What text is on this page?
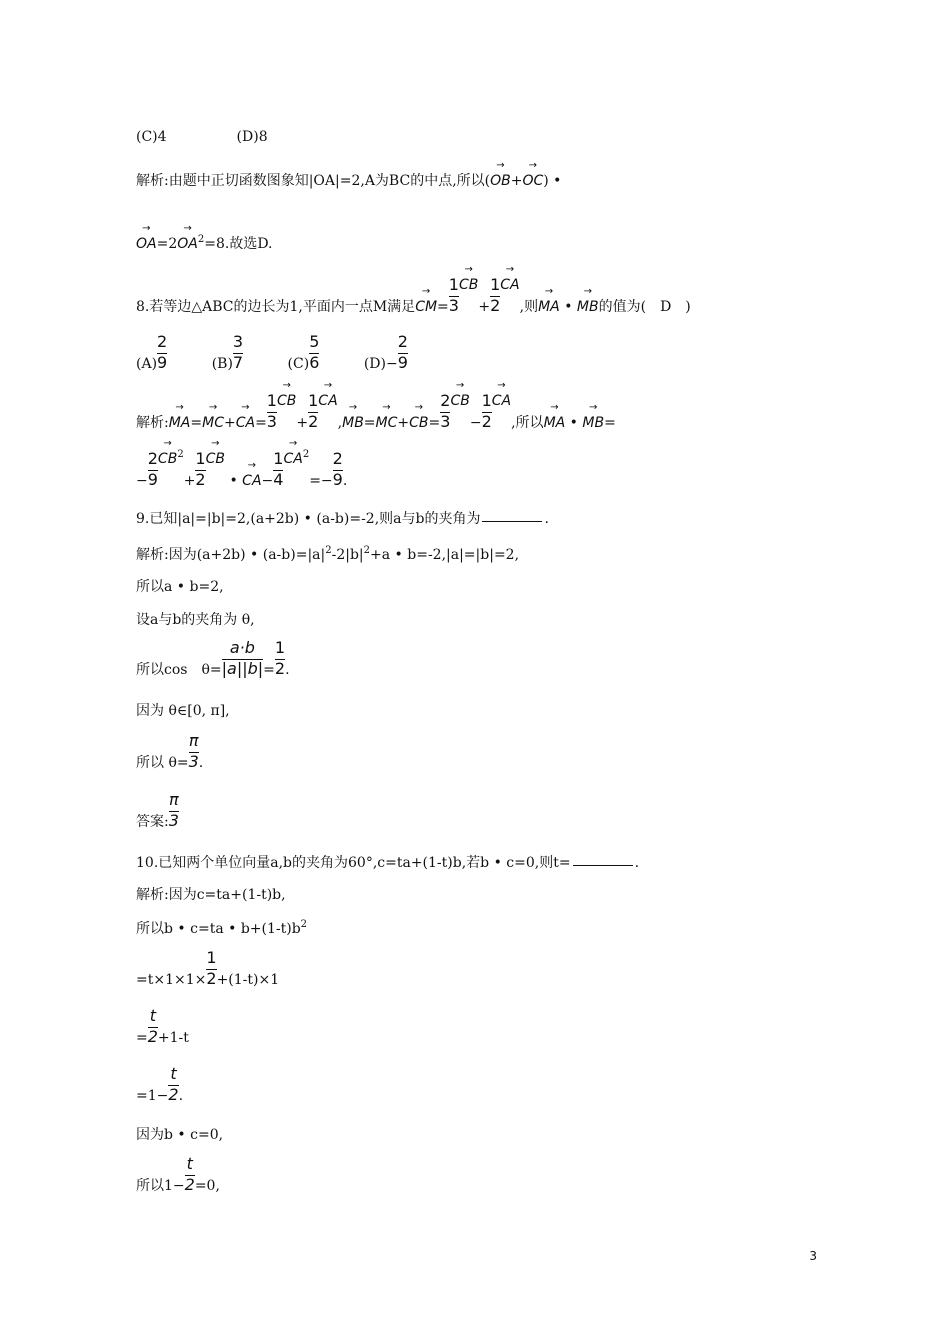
(C)4　　　　　(D)8
解析:由题中正切函数图象知|OA|=2,A为BC的中点,所以(→ OB+→ OC) •
→ $OA=2\to OA^2=8$.故选D.
8.若等边△ABC的边长为1,平面内一点M满足→ $CM= \frac{1}{3}$
→ $CB+ \frac{1}{2}$
→ CA,则→ MA • → MB的值为(　D　)
$(A) \frac{2}{9}$	$(B) \frac{3}{7}$	$(C) \frac{5}{6}$	$(D)- \frac{2}{9}$
解析:→ $MA=\to MC+\to CA= \frac{1}{3}$
→ $CB+ \frac{1}{2}$
→ $CA,\to MB=\to MC+\to CB= \frac{2}{3}$
→ $CB- \frac{1}{2}$
→ CA,所以→ MA • → MB=
− $\frac{2}{9}$
→ $CB^2+ \frac{1}{2}$
→ CB • → $CA- \frac{1}{4}$
→ $CA^2=- \frac{2}{9}$ .
9.已知|a|=|b|=2,(a+2b) • (a-b)=-2,则a与b的夹角为	.
解析:因为(a+2b) • $(a-b)=|a|^2-2|b|^2+a$ • b=-2,|a|=|b|=2,
所以a • b=2,
设a与b的夹角为 θ,
所以cos　$\theta= \frac{a\cdot b}{|a||b|} = \frac{1}{2}$ .
因为 θ∈[0, π],
所以 $\theta= \frac{\pi}{3}$ .
答案: $\frac{\pi}{3}$
10.已知两个单位向量a,b的夹角为60°,c=ta+(1-t)b,若b • c=0,则t=	.
解析:因为c=ta+(1-t)b,
所以b • c=ta • $b+(1-t)b^2$
$=t\times 1\times 1\times \frac{1}{2} +(1-t)\times 1$
= $\frac{t}{2} +1-t$
$=1- \frac{t}{2}$ .
因为b • c=0,
所以$1- \frac{t}{2} =0$,
3
